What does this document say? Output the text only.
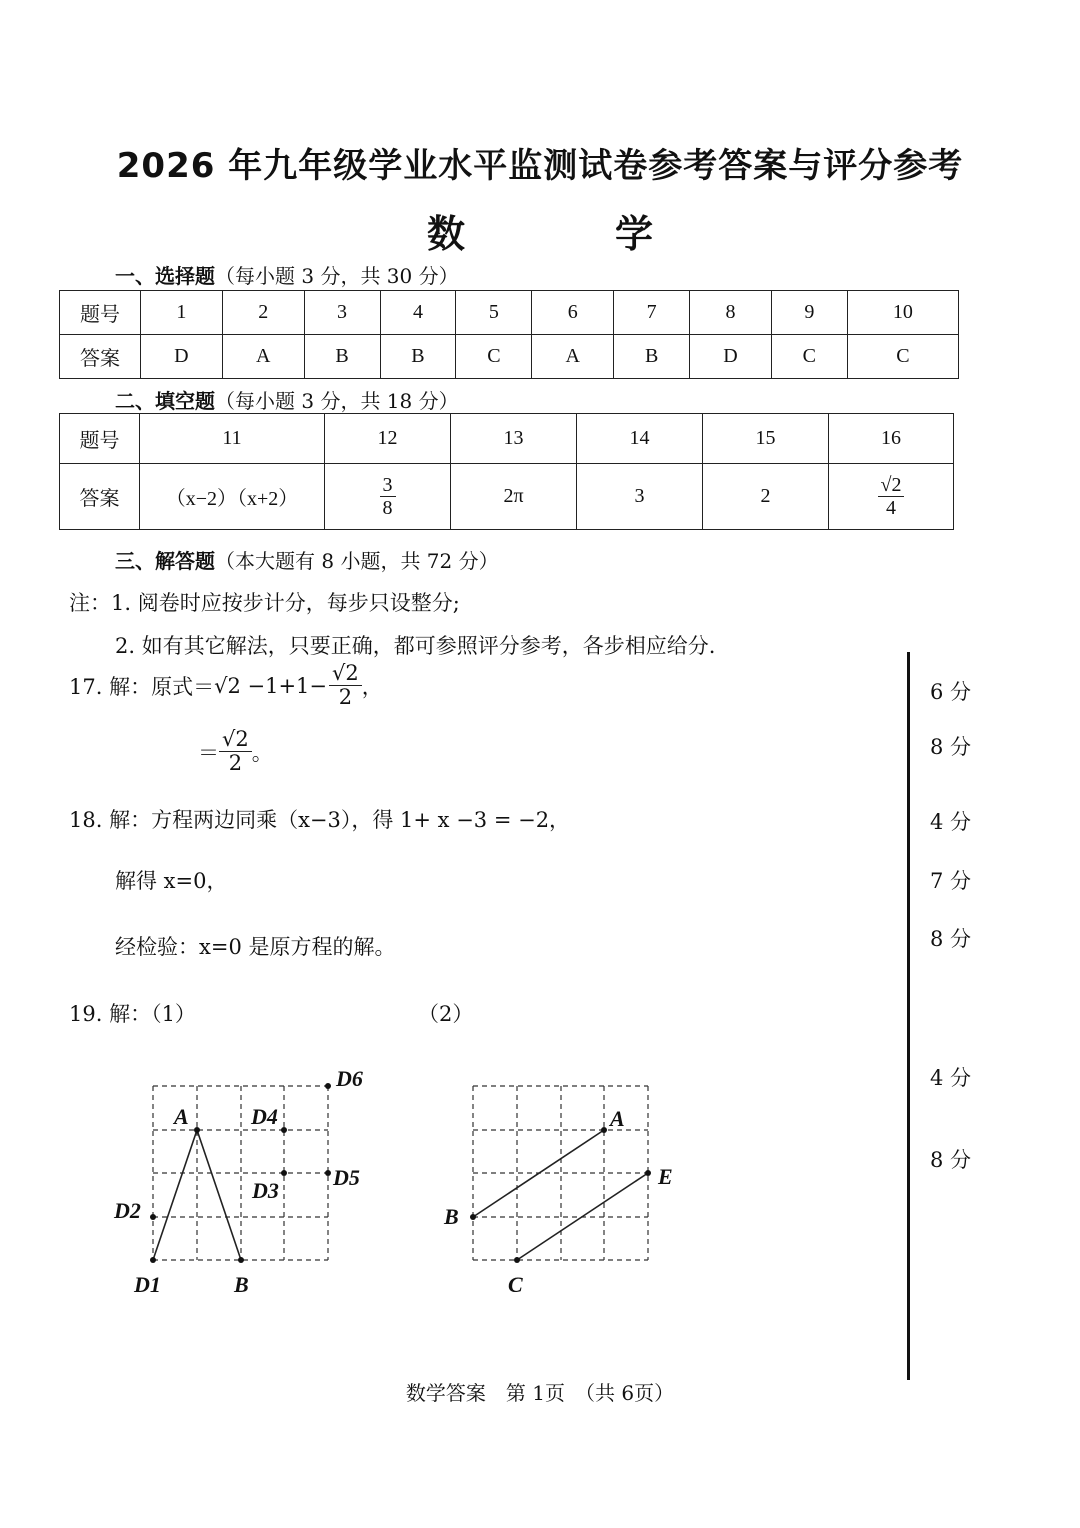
2026 年九年级学业水平监测试卷参考答案与评分参考
数	学
一、选择题（每小题 3 分，共 30 分）
题号	1	2	3	4	5	6	7	8	9	10
答案	D	A	B	B	C	A	B	D	C	C
二、填空题（每小题 3 分，共 18 分）
题号	11	12	13	14	15	16
答案	（x−2）（x+2）	$\frac{3}{8}$	2π	3	2	$\frac{√2}{4}$
三、解答题（本大题有 8 小题，共 72 分）
注：1. 阅卷时应按步计分，每步只设整分;
2. 如有其它解法，只要正确，都可参照评分参考，各步相应给分.
17. 解：原式＝ $√2 -1+1- \frac{√2}{2}$ ，
＝ $\frac{√2}{2}$ 。
6 分
8 分
18. 解：方程两边同乘（x−3），得 1+ x −3 = −2，
解得 x=0，
经检验：x=0 是原方程的解。
4 分
7 分
8 分
19. 解：（1）	（2）
4 分
8 分
D6
A	D4
D5
D3
D2
D1	B
A
E
B
C
数学答案　第 1页　（共 6页）
